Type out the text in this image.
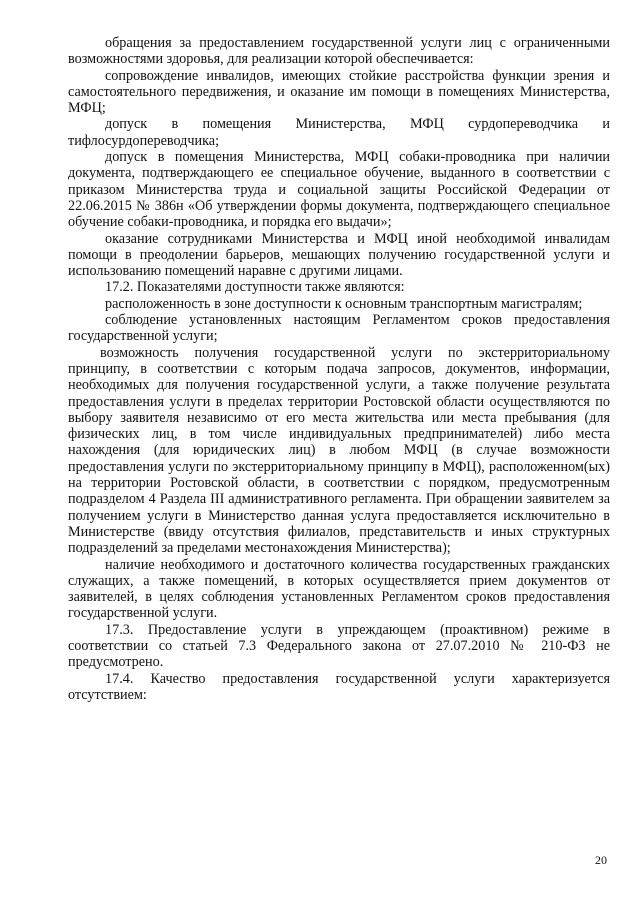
обращения за предоставлением государственной услуги лиц с ограниченными возможностями здоровья, для реализации которой обеспечивается:

сопровождение инвалидов, имеющих стойкие расстройства функции зрения и самостоятельного передвижения, и оказание им помощи в помещениях Министерства, МФЦ;

допуск в помещения Министерства, МФЦ сурдопереводчика и тифлосурдопереводчика;

допуск в помещения Министерства, МФЦ собаки-проводника при наличии документа, подтверждающего ее специальное обучение, выданного в соответствии с приказом Министерства труда и социальной защиты Российской Федерации от 22.06.2015 № 386н «Об утверждении формы документа, подтверждающего специальное обучение собаки-проводника, и порядка его выдачи»;

оказание сотрудниками Министерства и МФЦ иной необходимой инвалидам помощи в преодолении барьеров, мешающих получению государственной услуги и использованию помещений наравне с другими лицами.

17.2. Показателями доступности также являются:

расположенность в зоне доступности к основным транспортным магистралям;

соблюдение установленных настоящим Регламентом сроков предоставления государственной услуги;

возможность получения государственной услуги по экстерриториальному принципу, в соответствии с которым подача запросов, документов, информации, необходимых для получения государственной услуги, а также получение результата предоставления услуги в пределах территории Ростовской области осуществляются по выбору заявителя независимо от его места жительства или места пребывания (для физических лиц, в том числе индивидуальных предпринимателей) либо места нахождения (для юридических лиц) в любом МФЦ (в случае возможности предоставления услуги по экстерриториальному принципу в МФЦ), расположенном(ых) на территории Ростовской области, в соответствии с порядком, предусмотренным подразделом 4 Раздела III административного регламента. При обращении заявителем за получением услуги в Министерство данная услуга предоставляется исключительно в Министерстве (ввиду отсутствия филиалов, представительств и иных структурных подразделений за пределами местонахождения Министерства);

наличие необходимого и достаточного количества государственных гражданских служащих, а также помещений, в которых осуществляется прием документов от заявителей, в целях соблюдения установленных Регламентом сроков предоставления государственной услуги.

17.3. Предоставление услуги в упреждающем (проактивном) режиме в соответствии со статьей 7.3 Федерального закона от 27.07.2010 № 210-ФЗ не предусмотрено.

17.4. Качество предоставления государственной услуги характеризуется отсутствием:

20
